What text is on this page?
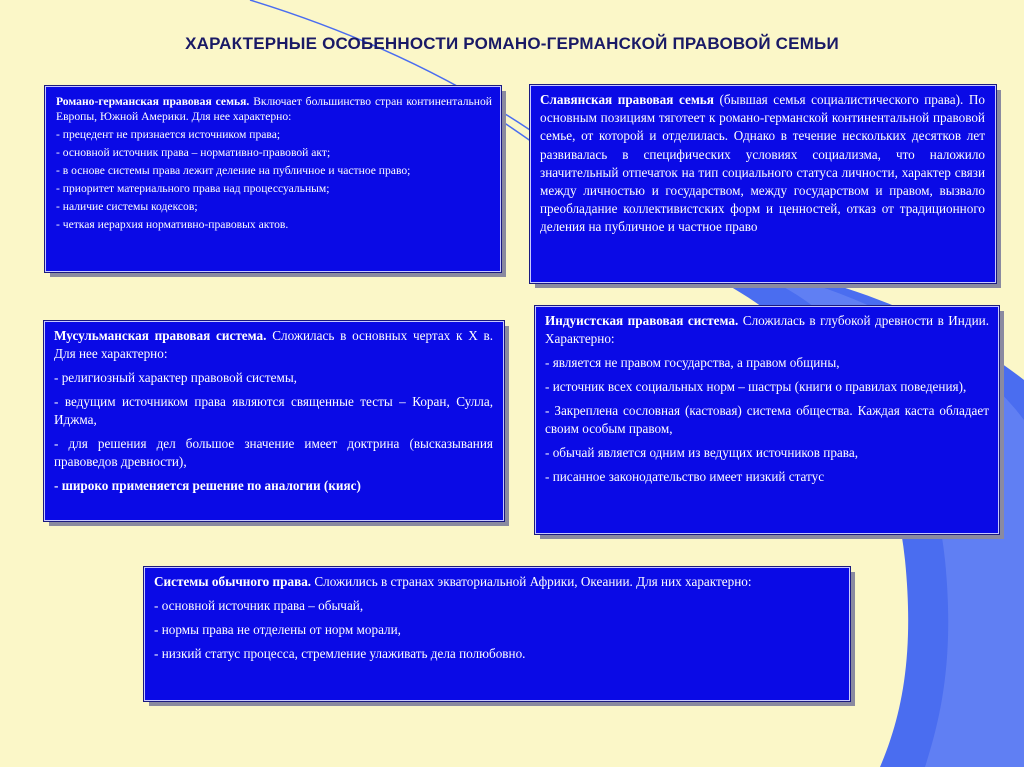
ХАРАКТЕРНЫЕ ОСОБЕННОСТИ РОМАНО-ГЕРМАНСКОЙ ПРАВОВОЙ СЕМЬИ

Романо-германская правовая семья. Включает большинство стран континентальной Европы, Южной Америки. Для нее характерно:

- прецедент не признается источником права;

- основной источник права – нормативно-правовой акт;

- в основе системы права лежит деление на публичное и частное право;

- приоритет материального права над процессуальным;

- наличие системы кодексов;

- четкая иерархия нормативно-правовых актов.

Славянская правовая семья (бывшая семья социалистического права). По основным позициям тяготеет к романо-германской континентальной правовой семье, от которой и отделилась. Однако в течение нескольких десятков лет развивалась в специфических условиях социализма, что наложило значительный отпечаток на тип социального статуса личности, характер связи между личностью и государством, между государством и правом, вызвало преобладание коллективистских форм и ценностей, отказ от традиционного деления на публичное и частное право

Мусульманская правовая система. Сложилась в основных чертах к X в. Для нее характерно:

- религиозный характер правовой системы,

- ведущим источником права являются священные тесты – Коран, Сулла, Иджма,

- для решения дел большое значение имеет доктрина (высказывания правоведов древности),

- широко применяется решение по аналогии (кияс)

Индуистская правовая система. Сложилась в глубокой древности в Индии. Характерно:

- является не правом государства, а правом общины,

- источник всех социальных норм – шастры (книги о правилах поведения),

- Закреплена сословная (кастовая) система общества. Каждая каста обладает своим особым правом,

- обычай является одним из ведущих источников права,

- писанное законодательство имеет низкий статус

Системы обычного права. Сложились в странах экваториальной Африки, Океании. Для них характерно:

- основной источник права – обычай,

- нормы права не отделены от норм морали,

- низкий статус процесса, стремление улаживать дела полюбовно.
